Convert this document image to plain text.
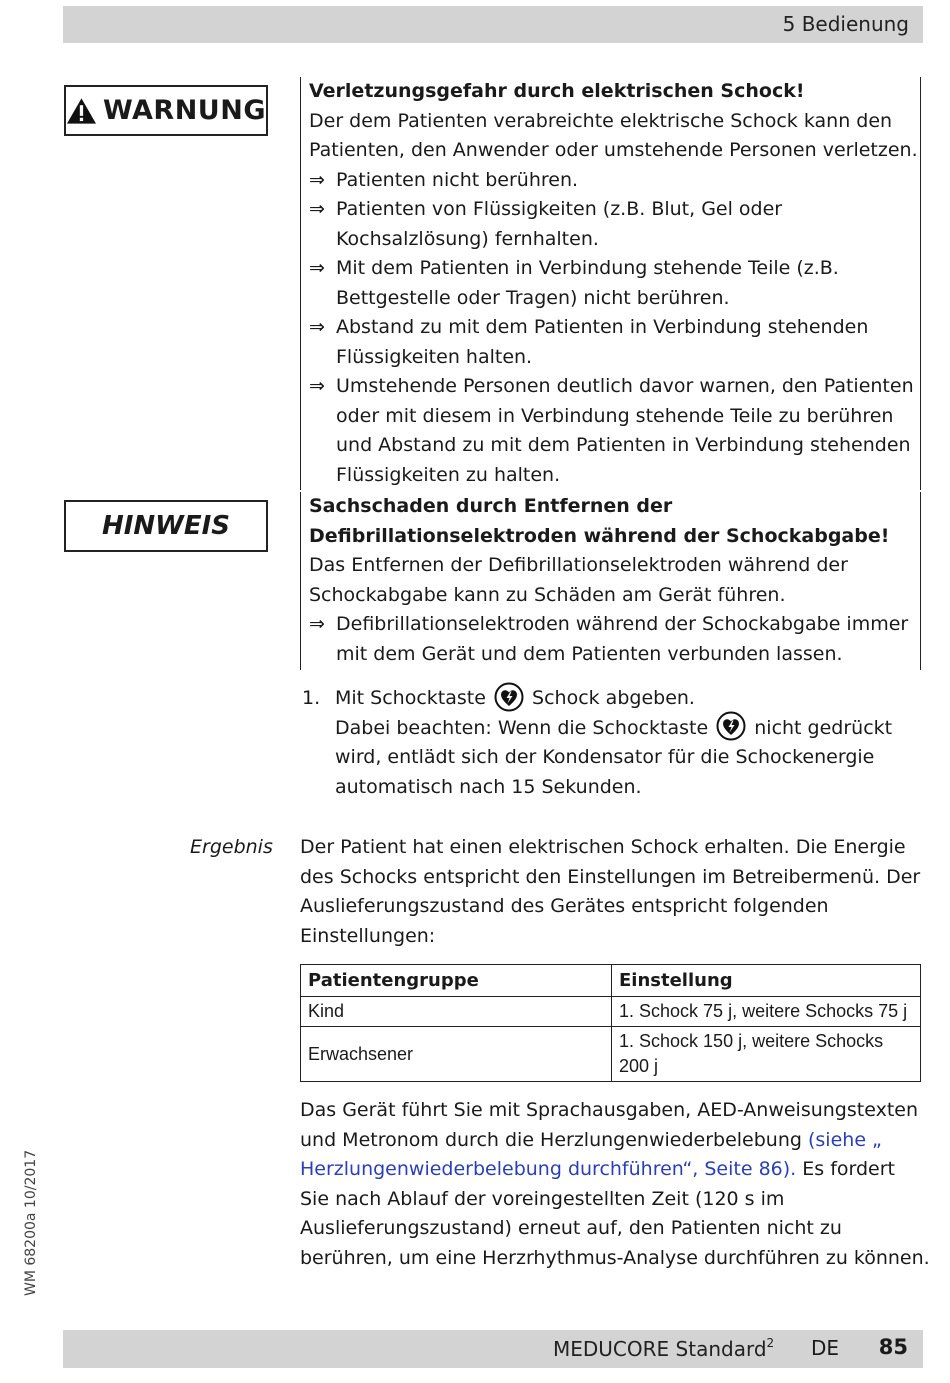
5 Bedienung
WARNUNG

Verletzungsgefahr durch elektrischen Schock!

Der dem Patienten verabreichte elektrische Schock kann den Patienten, den Anwender oder umstehende Personen verletzen.

⇒ Patienten nicht berühren.
⇒ Patienten von Flüssigkeiten (z.B. Blut, Gel oder Kochsalzlösung) fernhalten.
⇒ Mit dem Patienten in Verbindung stehende Teile (z.B. Bettgestelle oder Tragen) nicht berühren.
⇒ Abstand zu mit dem Patienten in Verbindung stehenden Flüssigkeiten halten.
⇒ Umstehende Personen deutlich davor warnen, den Patienten oder mit diesem in Verbindung stehende Teile zu berühren und Abstand zu mit dem Patienten in Verbindung stehenden Flüssigkeiten zu halten.
HINWEIS

Sachschaden durch Entfernen der Defibrillationselektroden während der Schockabgabe!

Das Entfernen der Defibrillationselektroden während der Schockabgabe kann zu Schäden am Gerät führen.

⇒ Defibrillationselektroden während der Schockabgabe immer mit dem Gerät und dem Patienten verbunden lassen.
1. Mit Schocktaste Schock abgeben.
Dabei beachten: Wenn die Schocktaste nicht gedrückt wird, entlädt sich der Kondensator für die Schockenergie automatisch nach 15 Sekunden.
Ergebnis Der Patient hat einen elektrischen Schock erhalten. Die Energie des Schocks entspricht den Einstellungen im Betreibermenü. Der Auslieferungszustand des Gerätes entspricht folgenden Einstellungen:
Patientengruppe	Einstellung
Kind	1. Schock 75 j, weitere Schocks 75 j
Erwachsener	1. Schock 150 j, weitere Schocks 200 j
Das Gerät führt Sie mit Sprachausgaben, AED-Anweisungstexten und Metronom durch die Herzlungenwiederbelebung (siehe „ Herzlungenwiederbelebung durchführen“, Seite 86). Es fordert Sie nach Ablauf der voreingestellten Zeit (120 s im Auslieferungszustand) erneut auf, den Patienten nicht zu berühren, um eine Herzrhythmus-Analyse durchführen zu können.
WM 68200a 10/2017
MEDUCORE Standard$^2$ DE 85
